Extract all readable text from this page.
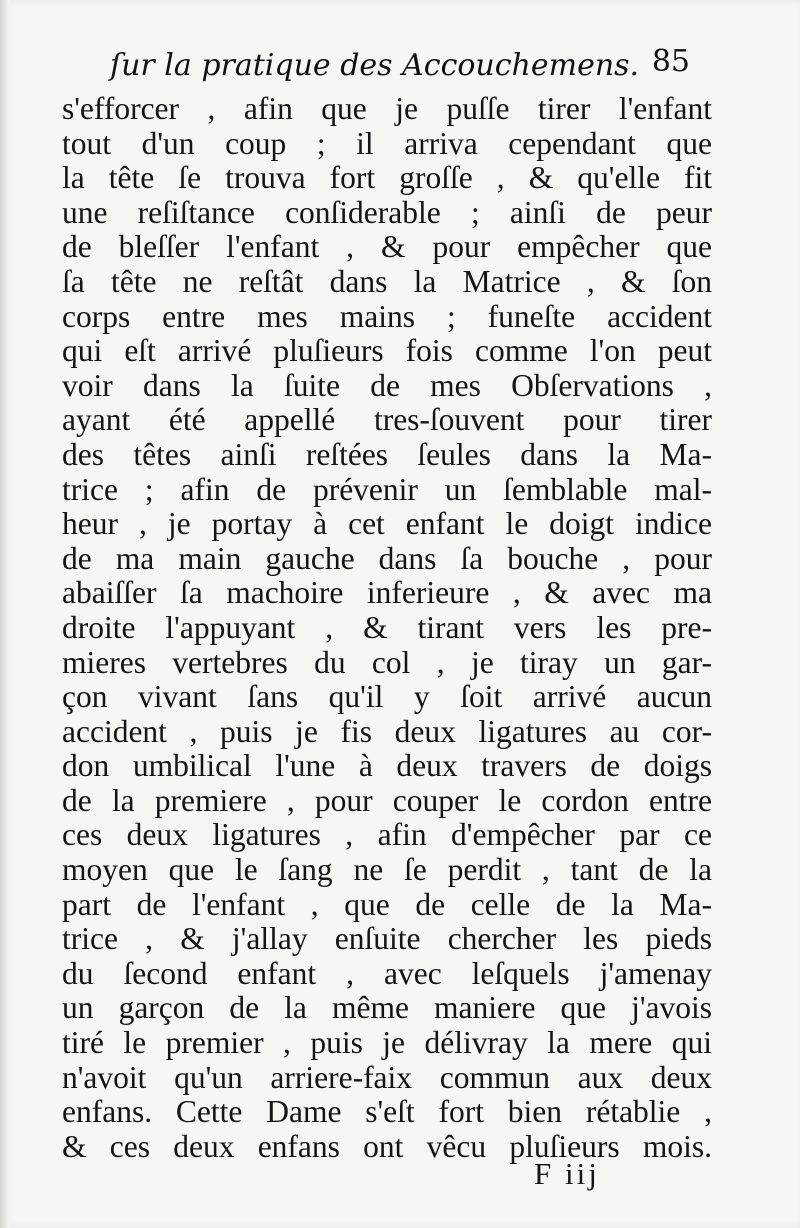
ſur la pratique des Accouchemens. 85
s'efforcer , afin que je puſſe tirer l'enfant
tout d'un coup ; il arriva cependant que
la tête ſe trouva fort groſſe , & qu'elle fit
une reſiſtance conſiderable ; ainſi de peur
de bleſſer l'enfant , & pour empêcher que
ſa tête ne reſtât dans la Matrice , & ſon
corps entre mes mains ; funeſte accident
qui eſt arrivé pluſieurs fois comme l'on peut
voir dans la ſuite de mes Obſervations ,
ayant été appellé tres-ſouvent pour tirer
des têtes ainſi reſtées ſeules dans la Ma-
trice ; afin de prévenir un ſemblable mal-
heur , je portay à cet enfant le doigt indice
de ma main gauche dans ſa bouche , pour
abaiſſer ſa machoire inferieure , & avec ma
droite l'appuyant , & tirant vers les pre-
mieres vertebres du col , je tiray un gar-
çon vivant ſans qu'il y ſoit arrivé aucun
accident , puis je fis deux ligatures au cor-
don umbilical l'une à deux travers de doigs
de la premiere , pour couper le cordon entre
ces deux ligatures , afin d'empêcher par ce
moyen que le ſang ne ſe perdit , tant de la
part de l'enfant , que de celle de la Ma-
trice , & j'allay enſuite chercher les pieds
du ſecond enfant , avec leſquels j'amenay
un garçon de la même maniere que j'avois
tiré le premier , puis je délivray la mere qui
n'avoit qu'un arriere-faix commun aux deux
enfans. Cette Dame s'eſt fort bien rétablie ,
& ces deux enfans ont vêcu pluſieurs mois.
F iij
